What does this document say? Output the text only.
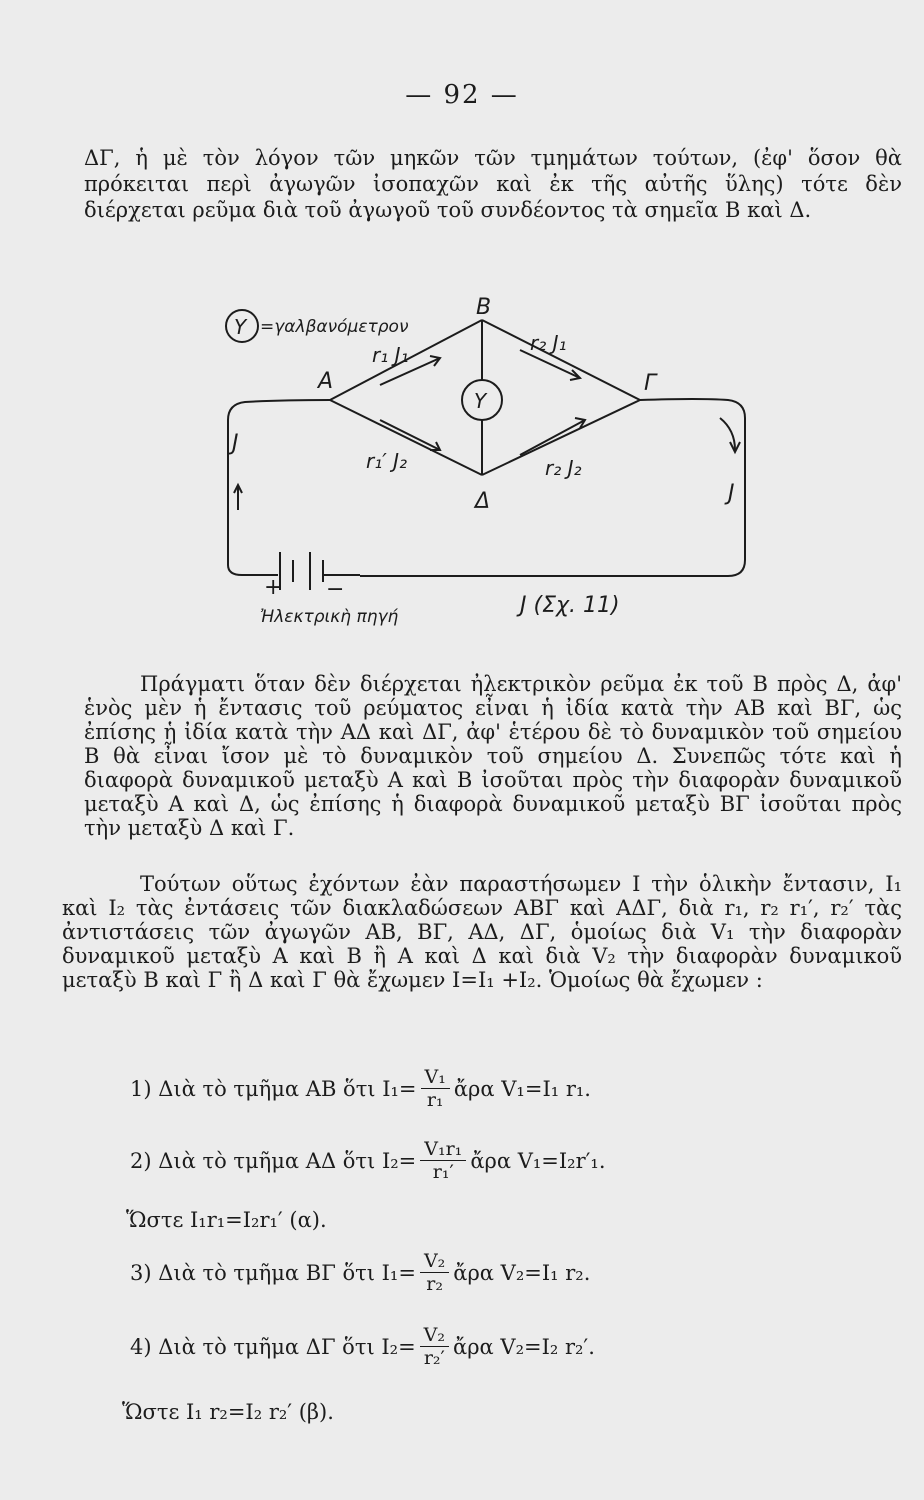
— 92 —

ΔΓ, ἡ μὲ τὸν λόγον τῶν μηκῶν τῶν τμημάτων τούτων, (ἐφ' ὅσον θὰ πρόκειται περὶ ἀγωγῶν ἰσοπαχῶν καὶ ἐκ τῆς αὐτῆς ὕλης) τότε δὲν διέρχεται ρεῦμα διὰ τοῦ ἀγωγοῦ τοῦ συνδέοντος τὰ σημεῖα Β καὶ Δ.

Υ =γαλβανόμετρον
A
B
Γ
Δ
Υ
r₁ J₁	r₂ J₁
r₁′ J₂	r₂ J₂
J
J
J (Σχ. 11)
+ −
Ἠλεκτρικὴ πηγή

Πράγματι ὅταν δὲν διέρχεται ἠλεκτρικὸν ρεῦμα ἐκ τοῦ Β πρὸς Δ, ἀφ' ἑνὸς μὲν ἡ ἔντασις τοῦ ρεύματος εἶναι ἡ ἰδία κατὰ τὴν ΑΒ καὶ ΒΓ, ὡς ἐπίσης ἡ ἰδία κατὰ τὴν ΑΔ καὶ ΔΓ, ἀφ' ἑτέρου δὲ τὸ δυναμικὸν τοῦ σημείου Β θὰ εἶναι ἴσον μὲ τὸ δυναμικὸν τοῦ σημείου Δ. Συνεπῶς τότε καὶ ἡ διαφορὰ δυναμικοῦ μεταξὺ Α καὶ Β ἰσοῦται πρὸς τὴν διαφορὰν δυναμικοῦ μεταξὺ Α καὶ Δ, ὡς ἐπίσης ἡ διαφορὰ δυναμικοῦ μεταξὺ ΒΓ ἰσοῦται πρὸς τὴν μεταξὺ Δ καὶ Γ.

Τούτων οὕτως ἐχόντων ἐὰν παραστήσωμεν Ι τὴν ὁλικὴν ἔντασιν, Ι₁ καὶ Ι₂ τὰς ἐντάσεις τῶν διακλαδώσεων ΑΒΓ καὶ ΑΔΓ, διὰ r₁, r₂ r₁′, r₂′ τὰς ἀντιστάσεις τῶν ἀγωγῶν ΑΒ, ΒΓ, ΑΔ, ΔΓ, ὁμοίως διὰ V₁ τὴν διαφορὰν δυναμικοῦ μεταξὺ Α καὶ Β ἢ Α καὶ Δ καὶ διὰ V₂ τὴν διαφορὰν δυναμικοῦ μεταξὺ Β καὶ Γ ἢ Δ καὶ Γ θὰ ἔχωμεν Ι=Ι₁ +Ι₂. Ὁμοίως θὰ ἔχωμεν :

1) Διὰ τὸ τμῆμα ΑΒ ὅτι $I_1= \frac{\text{V₁}}{\text{r₁}}$ ἄρα V₁=Ι₁ r₁.
2) Διὰ τὸ τμῆμα ΑΔ ὅτι $I_2= \frac{\text{V₁r₁}}{\text{r₁′}}$ ἄρα V₁=Ι₂r′₁.
Ὥστε Ι₁r₁=Ι₂r₁′ (α).
3) Διὰ τὸ τμῆμα ΒΓ ὅτι $I_1= \frac{\text{V₂}}{\text{r₂}}$ ἄρα V₂=Ι₁ r₂.
4) Διὰ τὸ τμῆμα ΔΓ ὅτι $I_2= \frac{\text{V₂}}{\text{r₂′}}$ ἄρα V₂=Ι₂ r₂′.
Ὥστε Ι₁ r₂=Ι₂ r₂′ (β).
